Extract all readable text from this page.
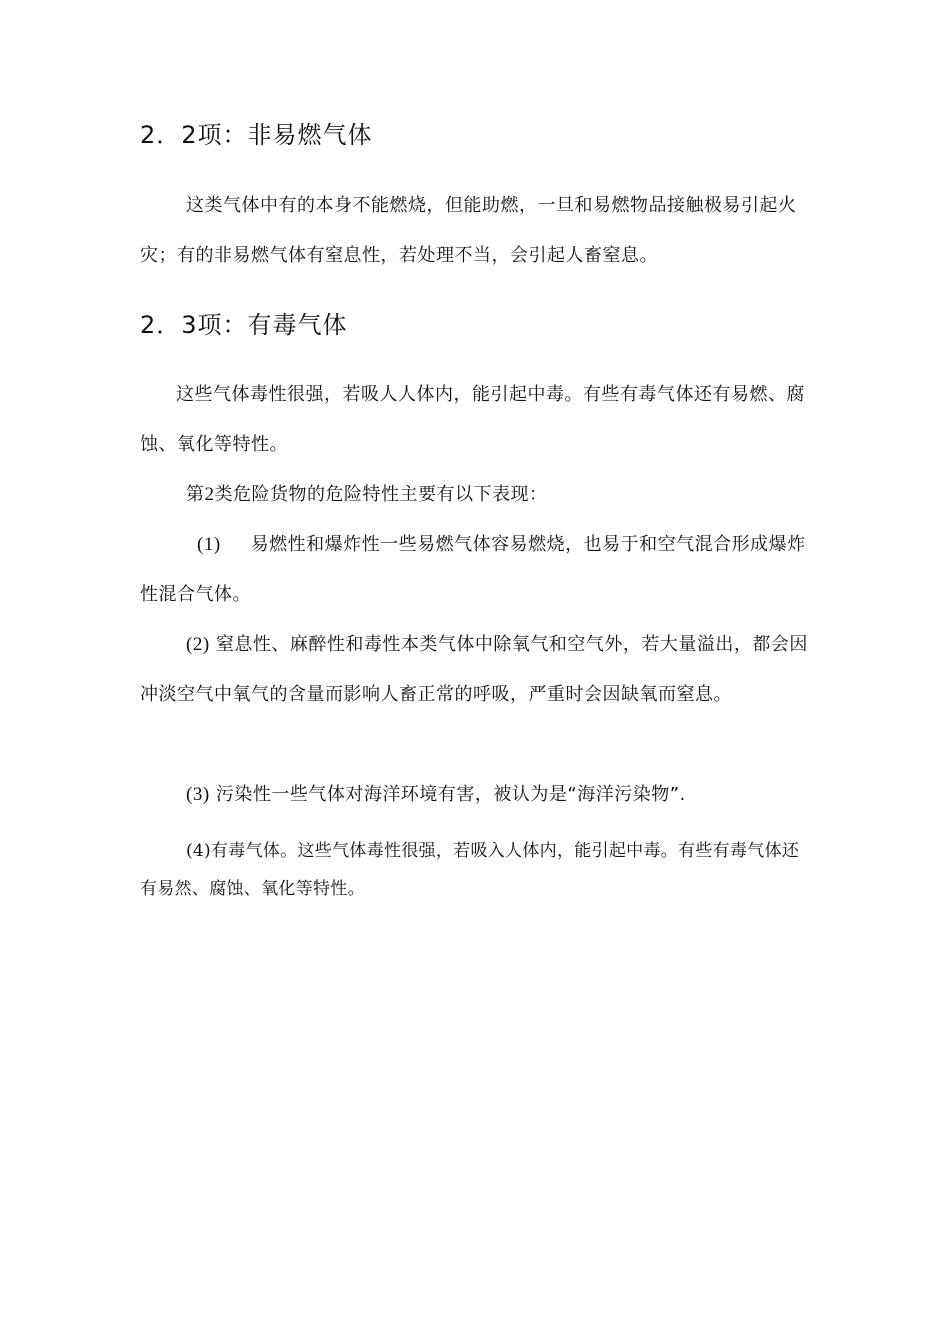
2．2项：非易燃气体

这类气体中有的本身不能燃烧，但能助燃，一旦和易燃物品接触极易引起火灾；有的非易燃气体有窒息性，若处理不当，会引起人畜窒息。

2．3项：有毒气体

这些气体毒性很强，若吸人人体内，能引起中毒。有些有毒气体还有易燃、腐蚀、氧化等特性。

第2类危险货物的危险特性主要有以下表现：

(1) 易燃性和爆炸性一些易燃气体容易燃烧，也易于和空气混合形成爆炸性混合气体。

(2) 窒息性、麻醉性和毒性本类气体中除氧气和空气外，若大量溢出，都会因冲淡空气中氧气的含量而影响人畜正常的呼吸，严重时会因缺氧而窒息。

(3) 污染性一些气体对海洋环境有害，被认为是“海洋污染物”.

(4)有毒气体。这些气体毒性很强，若吸入人体内，能引起中毒。有些有毒气体还有易然、腐蚀、氧化等特性。
